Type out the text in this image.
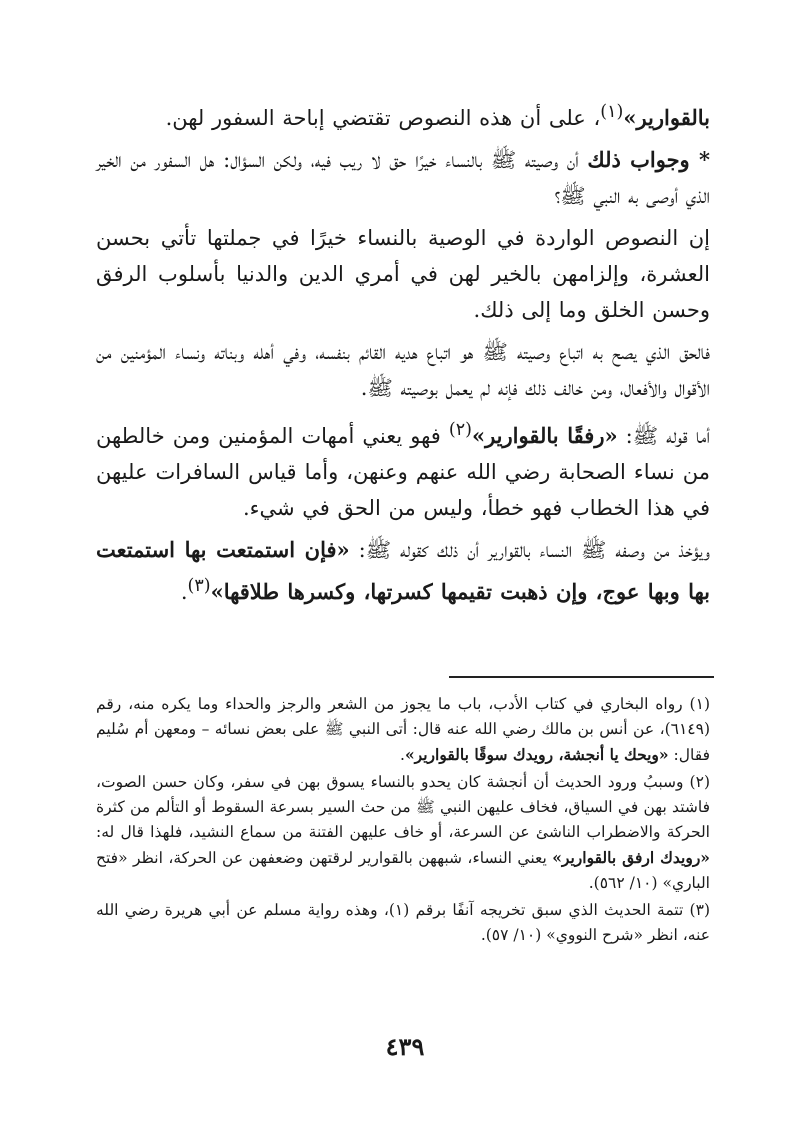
بالقوارير»$^{(١)}$، على أن هذه النصوص تقتضي إباحة السفور لهن.

* وجواب ذلك أن وصيته ﷺ بالنساء خيرًا حق لا ريب فيه، ولكن السؤال: هل السفور من الخير الذي أوصى به النبي ﷺ؟

إن النصوص الواردة في الوصية بالنساء خيرًا في جملتها تأتي بحسن العشرة، وإلزامهن بالخير لهن في أمري الدين والدنيا بأسلوب الرفق وحسن الخلق وما إلى ذلك.

فالحق الذي يصح به اتباع وصيته ﷺ هو اتباع هديه القائم بنفسه، وفي أهله وبناته ونساء المؤمنين من الأقوال والأفعال، ومن خالف ذلك فإنه لم يعمل بوصيته ﷺ.

أما قوله ﷺ: «رفقًا بالقوارير»$^{(٢)}$ فهو يعني أمهات المؤمنين ومن خالطهن من نساء الصحابة رضي الله عنهم وعنهن، وأما قياس السافرات عليهن في هذا الخطاب فهو خطأ، وليس من الحق في شيء.

ويؤخذ من وصفه ﷺ النساء بالقوارير أن ذلك كقوله ﷺ: «فإن استمتعت بها استمتعت بها وبها عوج، وإن ذهبت تقيمها كسرتها، وكسرها طلاقها»$^{(٣)}$.

(١) رواه البخاري في كتاب الأدب، باب ما يجوز من الشعر والرجز والحداء وما يكره منه، رقم (٦١٤٩)، عن أنس بن مالك رضي الله عنه قال: أتى النبي ﷺ على بعض نسائه – ومعهن أم سُليم فقال: «ويحك يا أنجشة، رويدك سوقًا بالقوارير».

(٢) وسببُ ورود الحديث أن أنجشة كان يحدو بالنساء يسوق بهن في سفر، وكان حسن الصوت، فاشتد بهن في السياق، فخاف عليهن النبي ﷺ من حث السير بسرعة السقوط أو التألم من كثرة الحركة والاضطراب الناشئ عن السرعة، أو خاف عليهن الفتنة من سماع النشيد، فلهذا قال له: «رويدك ارفق بالقوارير» يعني النساء، شبههن بالقوارير لرقتهن وضعفهن عن الحركة، انظر «فتح الباري» (١٠/ ٥٦٢).

(٣) تتمة الحديث الذي سبق تخريجه آنفًا برقم (١)، وهذه رواية مسلم عن أبي هريرة رضي الله عنه، انظر «شرح النووي» (١٠/ ٥٧).

٤٣٩
